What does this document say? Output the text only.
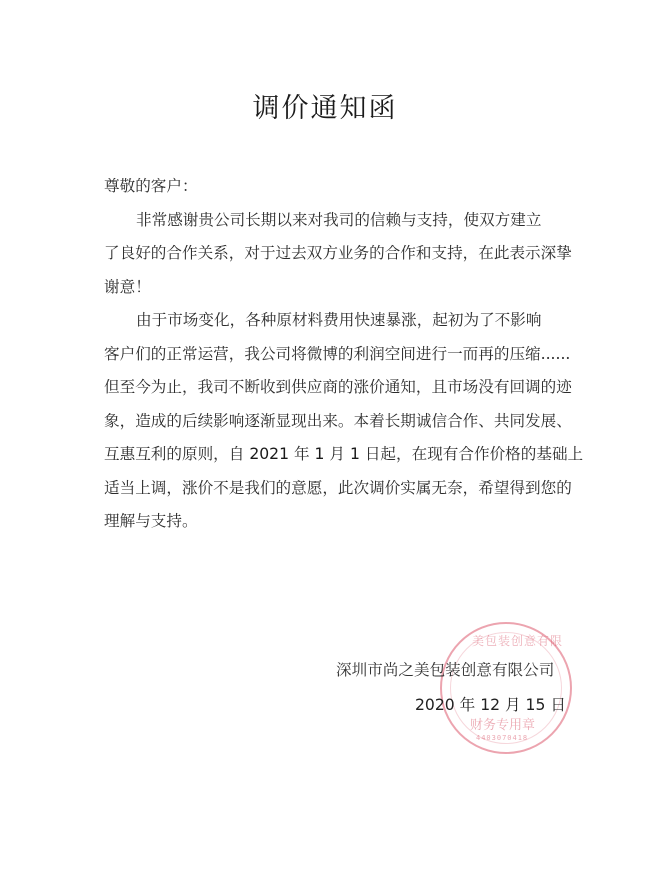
调价通知函
尊敬的客户：
非常感谢贵公司长期以来对我司的信赖与支持，使双方建立
了良好的合作关系，对于过去双方业务的合作和支持，在此表示深挚
谢意！
由于市场变化，各种原材料费用快速暴涨，起初为了不影响
客户们的正常运营，我公司将微博的利润空间进行一而再的压缩......
但至今为止，我司不断收到供应商的涨价通知，且市场没有回调的迹
象，造成的后续影响逐渐显现出来。本着长期诚信合作、共同发展、
互惠互利的原则，自 2021 年 1 月 1 日起，在现有合作价格的基础上
适当上调，涨价不是我们的意愿，此次调价实属无奈，希望得到您的
理解与支持。
美包装创意有限
财务专用章
4403070418
深圳市尚之美包装创意有限公司
2020 年 12 月 15 日
